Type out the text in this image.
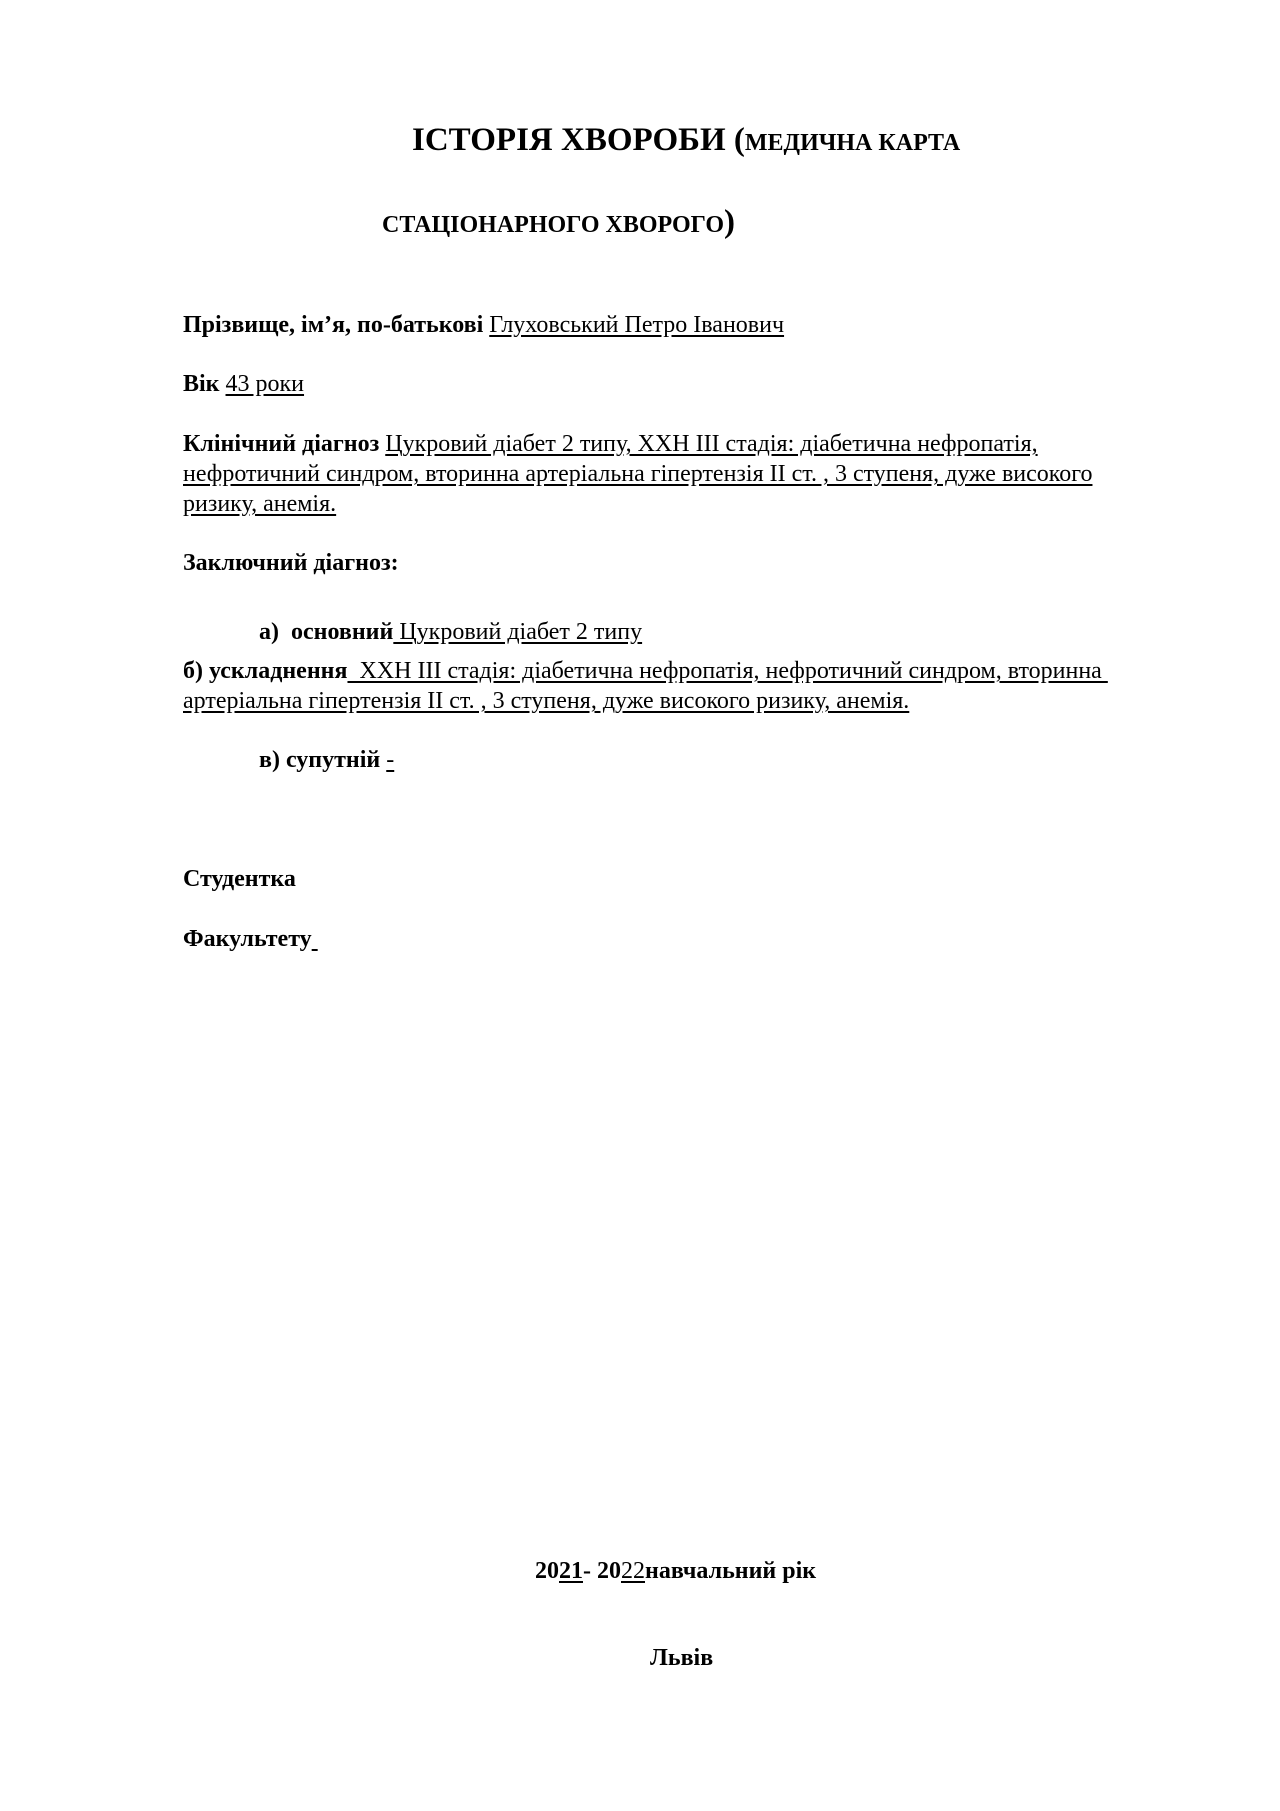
ІСТОРІЯ ХВОРОБИ (МЕДИЧНА КАРТА
СТАЦІОНАРНОГО ХВОРОГО)
Прізвище, ім’я, по-батькові Глуховський Петро Іванович
Вік 43 роки
Клінічний діагноз Цукровий діабет 2 типу, ХХН ІІІ стадія: діабетична нефропатія,
нефротичний синдром, вторинна артеріальна гіпертензія ІІ ст. , 3 ступеня, дуже високого
ризику, анемія.
Заключний діагноз:
а) основний Цукровий діабет 2 типу
б) ускладнення  ХХН ІІІ стадія: діабетична нефропатія, нефротичний синдром, вторинна
артеріальна гіпертензія ІІ ст. , 3 ступеня, дуже високого ризику, анемія.
в) супутній -
Студентка
Факультету
2021- 2022навчальний рік
Львів
